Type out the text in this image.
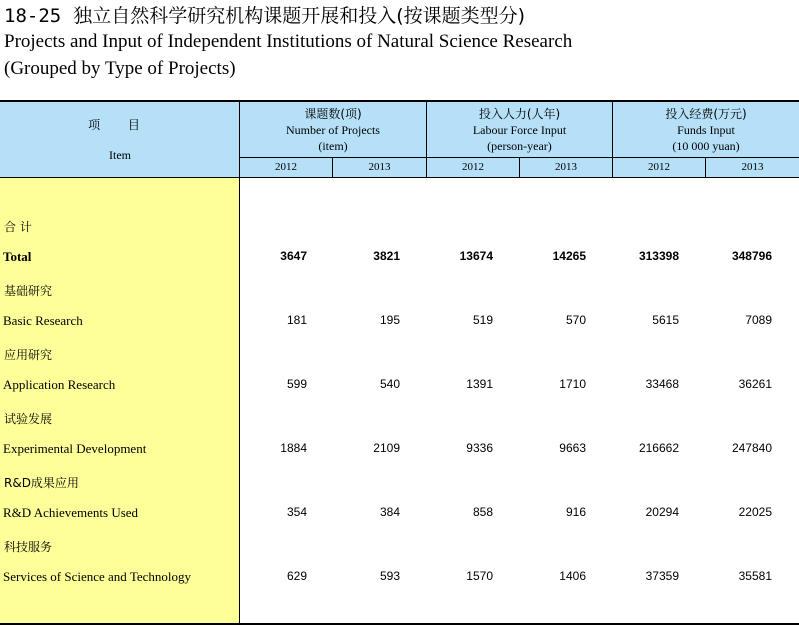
18-25 独立自然科学研究机构课题开展和投入(按课题类型分)
Projects and Input of Independent Institutions of Natural Science Research
(Grouped by Type of Projects)
项 目
Item
课题数(项)
Number of Projects
(item)
2012	2013
投入人力(人年)
Labour Force Input
(person-year)
2012	2013
投入经费(万元)
Funds Input
(10 000 yuan)
2012	2013
合 计
Total	3647	3821	13674	14265	313398	348796
基础研究
Basic Research	181	195	519	570	5615	7089
应用研究
Application Research	599	540	1391	1710	33468	36261
试验发展
Experimental Development	1884	2109	9336	9663	216662	247840
R&D成果应用
R&D Achievements Used	354	384	858	916	20294	22025
科技服务
Services of Science and Technology	629	593	1570	1406	37359	35581
